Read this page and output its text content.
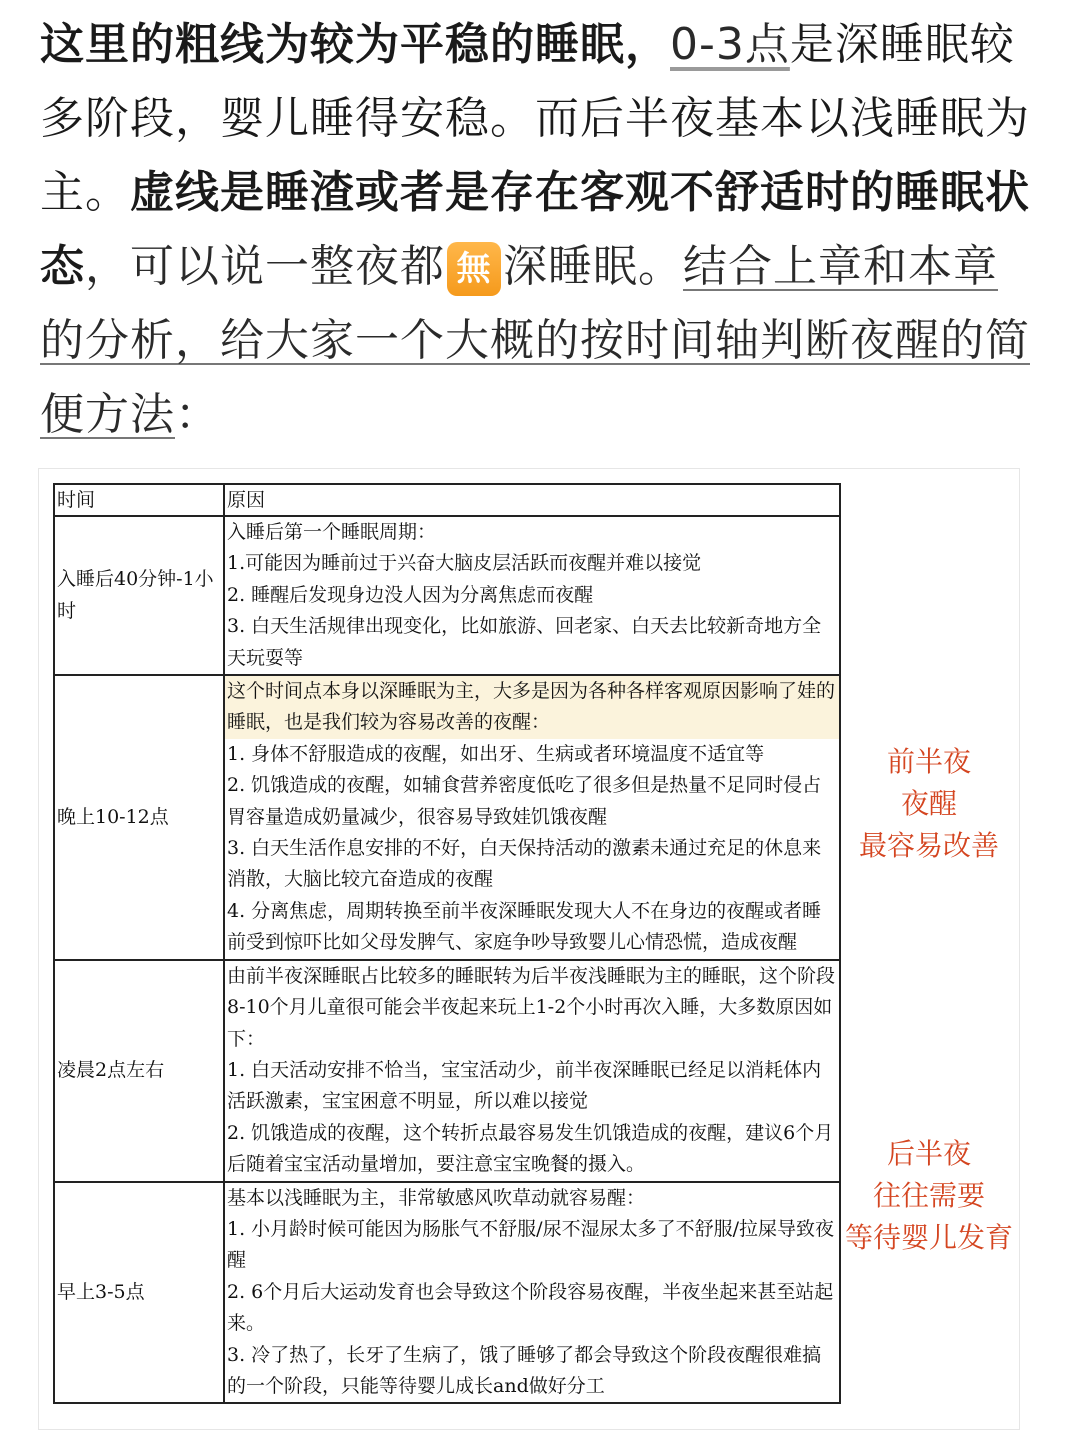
这里的粗线为较为平稳的睡眠，0-3点是深睡眠较多阶段，婴儿睡得安稳。而后半夜基本以浅睡眠为主。虚线是睡渣或者是存在客观不舒适时的睡眠状态，可以说一整夜都 無 深睡眠。结合上章和本章的分析，给大家一个大概的按时间轴判断夜醒的简便方法：
时间	原因
入睡后40分钟-1小时	入睡后第一个睡眠周期：
1.可能因为睡前过于兴奋大脑皮层活跃而夜醒并难以接觉
2. 睡醒后发现身边没人因为分离焦虑而夜醒
3. 白天生活规律出现变化，比如旅游、回老家、白天去比较新奇地方全天玩耍等

晚上10-12点	这个时间点本身以深睡眠为主，大多是因为各种各样客观原因影响了娃的睡眠，也是我们较为容易改善的夜醒：
1. 身体不舒服造成的夜醒，如出牙、生病或者环境温度不适宜等
2. 饥饿造成的夜醒，如辅食营养密度低吃了很多但是热量不足同时侵占胃容量造成奶量减少，很容易导致娃饥饿夜醒
3. 白天生活作息安排的不好，白天保持活动的激素未通过充足的休息来消散，大脑比较亢奋造成的夜醒
4. 分离焦虑，周期转换至前半夜深睡眠发现大人不在身边的夜醒或者睡前受到惊吓比如父母发脾气、家庭争吵导致婴儿心情恐慌，造成夜醒

凌晨2点左右	由前半夜深睡眠占比较多的睡眠转为后半夜浅睡眠为主的睡眠，这个阶段8-10个月儿童很可能会半夜起来玩上1-2个小时再次入睡，大多数原因如下：
1. 白天活动安排不恰当，宝宝活动少，前半夜深睡眠已经足以消耗体内活跃激素，宝宝困意不明显，所以难以接觉
2. 饥饿造成的夜醒，这个转折点最容易发生饥饿造成的夜醒，建议6个月后随着宝宝活动量增加，要注意宝宝晚餐的摄入。

早上3-5点	基本以浅睡眠为主，非常敏感风吹草动就容易醒：
1. 小月龄时候可能因为肠胀气不舒服/尿不湿尿太多了不舒服/拉屎导致夜醒
2. 6个月后大运动发育也会导致这个阶段容易夜醒，半夜坐起来甚至站起来。
3. 冷了热了，长牙了生病了，饿了睡够了都会导致这个阶段夜醒很难搞的一个阶段，只能等待婴儿成长and做好分工
前半夜
夜醒
最容易改善
后半夜
往往需要
等待婴儿发育
